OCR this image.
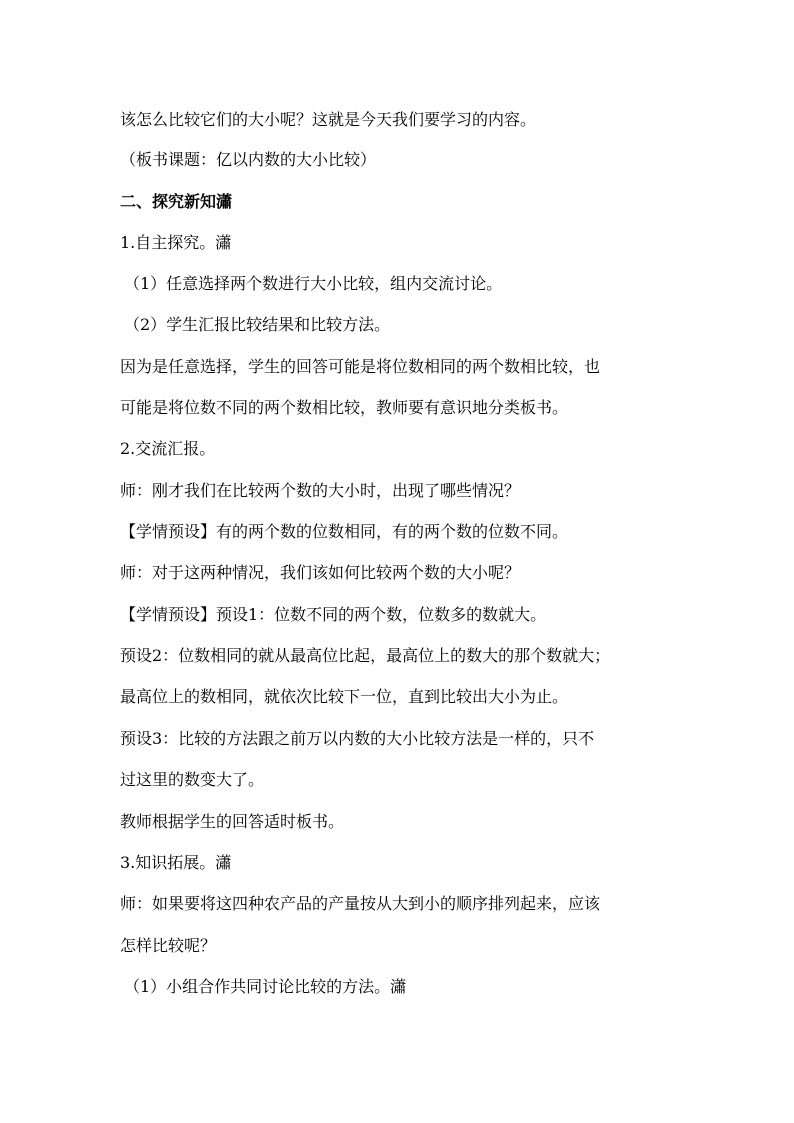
该怎么比较它们的大小呢？这就是今天我们要学习的内容。
（板书课题：亿以内数的大小比较）
二、探究新知瀟
1.自主探究。瀟
（1）任意选择两个数进行大小比较，组内交流讨论。
（2）学生汇报比较结果和比较方法。
因为是任意选择，学生的回答可能是将位数相同的两个数相比较，也
可能是将位数不同的两个数相比较，教师要有意识地分类板书。
2.交流汇报。
师：刚才我们在比较两个数的大小时，出现了哪些情况？
【学情预设】有的两个数的位数相同，有的两个数的位数不同。
师：对于这两种情况，我们该如何比较两个数的大小呢？
【学情预设】预设1：位数不同的两个数，位数多的数就大。
预设2：位数相同的就从最高位比起，最高位上的数大的那个数就大；
最高位上的数相同，就依次比较下一位，直到比较出大小为止。
预设3：比较的方法跟之前万以内数的大小比较方法是一样的，只不
过这里的数变大了。
教师根据学生的回答适时板书。
3.知识拓展。瀟
师：如果要将这四种农产品的产量按从大到小的顺序排列起来，应该
怎样比较呢？
（1）小组合作共同讨论比较的方法。瀟
